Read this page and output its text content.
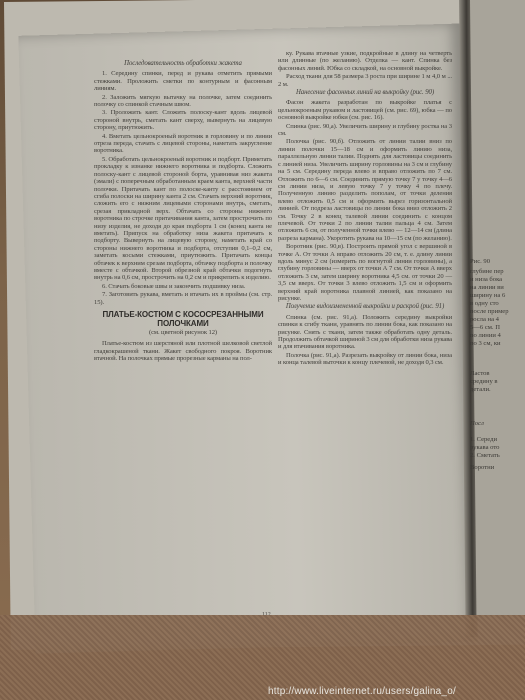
Последовательность обработки жакета

1. Середину спинки, перед и рукава отметить прямыми стежками. Проложить сметки по контурным и фасонным линиям.

2. Заложить мягкую вытачку на полочке, затем соединить полочку со спинкой стачным швом.

3. Проложить кант. Сложить полоску-кант вдоль лицевой стороной внутрь, сметать кант сверху, вывернуть на лицевую сторону, приутюжить.

4. Вметать цельнокроеный воротник в горловину и по линии отреза переда, стачать с лицевой стороны, наметать закругление воротника.

5. Обработать цельнокроеный воротник и подборт. Приметать прокладку к изнанке нижнего воротника и подборта. Сложить полоску-кант с лицевой стороной борта, уравнивая низ жакета (эмали) с поперечным обработанным краем канта, верхней части полочки. Притачать кант по полоске-канту с расстоянием от сгиба полоски на ширину канта 2 см. Стачать верхний воротник, сложить его с нижним лицевыми сторонами внутрь, сметать, срезая прикладной верх. Обтачать со стороны нижнего воротника по строчке притачивания канта, затем прострочить по низу изделия, не доходя до края подборта 1 см (конец канта не вметать). Припуск на обработку низа жакета притачать к подборту. Вывернуть на лицевую сторону, наметать край со стороны нижнего воротника и подборта, отступив 0,1–0,2 см, заметать косыми стежками, приутюжить. Притачать концы обтачек к верхним срезам подборта, обтачку подборта и полочку вместе с обтачкой. Второй обрезной край обтачки подогнуть внутрь на 0,6 см, прострочить на 0,2 см и прикрепить к изделию.

6. Стачать боковые швы и закончить подшивку низа.

7. Заготовить рукава, вметать и втачать их в проймы (см. стр. 15).

ПЛАТЬЕ-КОСТЮМ С КОСОСРЕЗАННЫМИ ПОЛОЧКАМИ

(см. цветной рисунок 12)

Платье-костюм из шерстяной или плотной шелковой светлой гладкокрашеной ткани. Жакет свободного покроя. Воротник втачной. На полочках прямые прорезные карманы на пол-

ку. Рукава втачные узкие, подкройные в длину на четверть или длинные (по желанию). Отделка — кант. Спинка без фасонных линий. Юбка со складкой, на основной выкройке.

Расход ткани для 58 размера 3 роста при ширине 1 м 4,0 м ... 2 м.

Нанесение фасонных линий на выкройку (рис. 90)

Фасон жакета разработан по выкройке платья с цельнокроеным рукавом и ластовицей (см. рис. 69), юбка — по основной выкройке юбки (см. рис. 16).

Спинка (рис. 90,а). Увеличить ширину и глубину ростка на 3 см.

Полочка (рис. 90,б). Отложить от линии талии вниз по линии полочки 15—18 см и оформить линию низа, параллельную линии талии. Поднять для ластовицы соединить с линией низа. Увеличить ширину горловины на 3 см и глубину на 5 см. Середину переда влево и вправо отложить по 7 см. Отложить по 6—6 см. Соединить прямую точку 7 у точку 4—6 см линии низа, и левую точку 7 у точку 4 по плечу. Полученную линию разделить пополам, от точки деления влево отложить 0,5 см и оформить вырез горизонтальной линией. От подреза ластовицы по линии бока вниз отложить 2 см. Точку 2 в конец талевой линии соединить с концом плечевой. От точки 2 по линии талии пальца 4 см. Затем отложить 6 см, от полученной точки влево — 12—14 см (длина разреза кармана). Укоротить рукава на 10—15 см (по желанию).

Воротник (рис. 90,в). Построить прямой угол с вершиной в точке А. От точки А вправо отложить 20 см, т. е. длину линии вдоль минус 2 см (измерить по вогнутой линии горловины), а глубину горловины — вверх от точки А 7 см. От точки А вверх отложить 3 см, затем ширину воротника 4,5 см. от точки 20 — 3,5 см вверх. От точки 3 влево отложить 1,5 см и оформить верхний край воротника плавной линией, как показано на рисунке.

Получение видоизмененной выкройки и раскрой (рис. 91)

Спинка (см. рис. 91,а). Положить середину выкройки спинки к сгибу ткани, уравнять по линии бока, как показано на рисунке. Снять с ткани, затем также обработать одну деталь. Продолжить обтачкой шириной 3 см для обработки низа рукава и для втачивания воротника.

Полочка (рис. 91,а). Разрезать выкройку от линии бока, низа и конца талевой выточки к концу плечевой, не доходя 0,3 см.

Рис. 90
глубине пер
и низа бока
на линии ви
ширину на 6
в одну сто
после пример
росла на 4
5—6 см. П
по линии 4
по 3 см, ки
Ластов
средину в
детали.
Посл
1. Середи
рукава ото
2. Сметать
Воротни
http://www.liveinternet.ru/users/galina_o/
